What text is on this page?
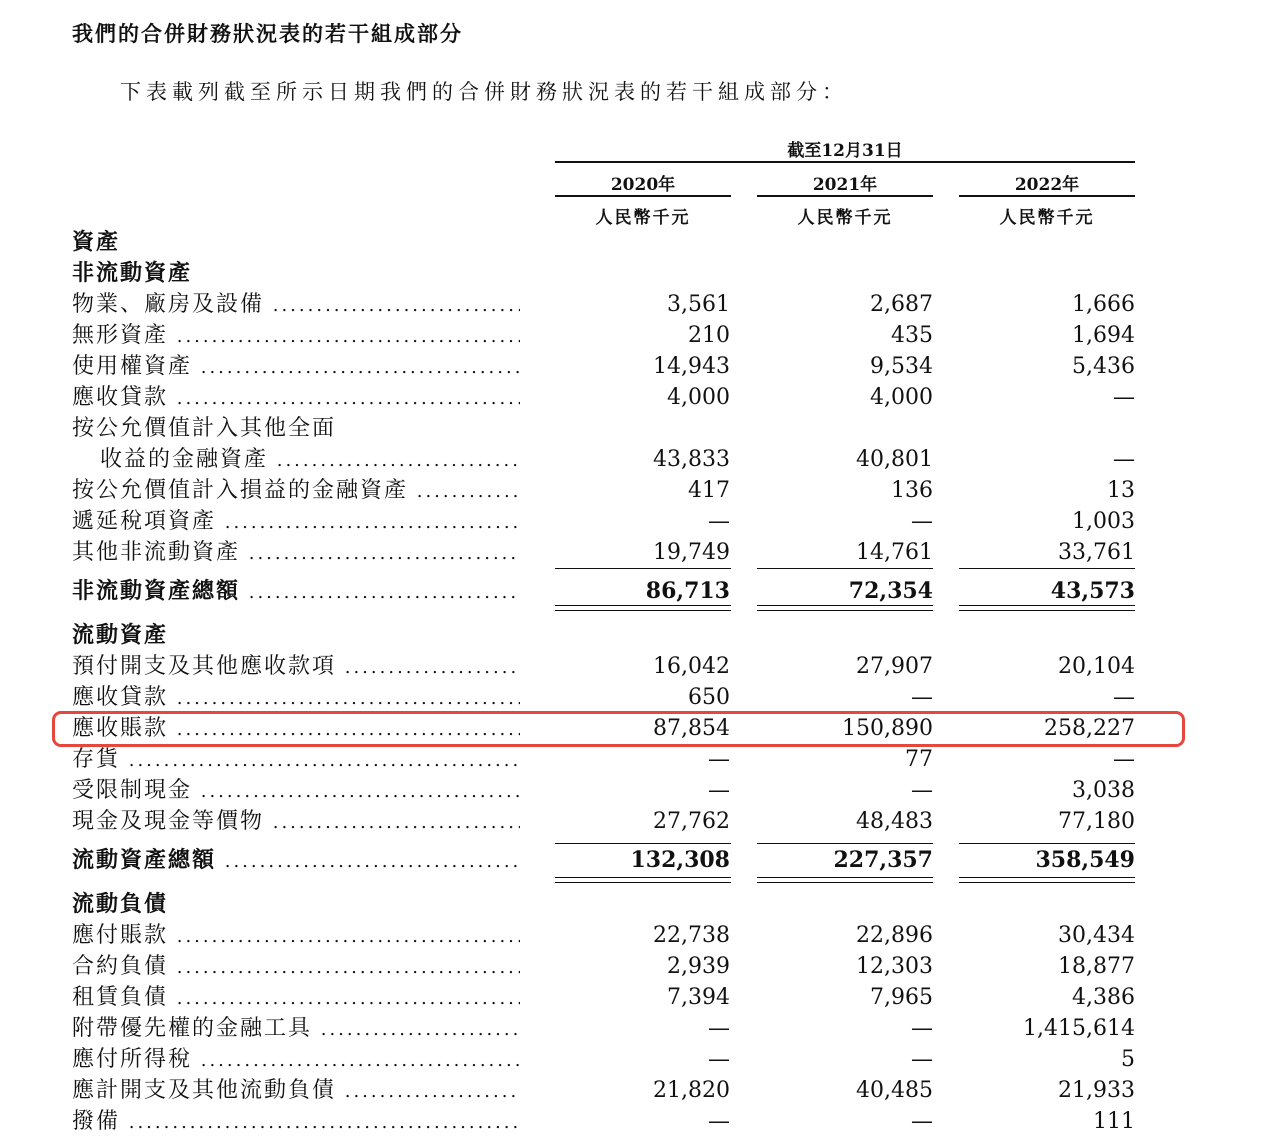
我們的合併財務狀況表的若干組成部分
下表載列截至所示日期我們的合併財務狀況表的若干組成部分：
截至12月31日
2020年	2021年	2022年
人民幣千元	人民幣千元	人民幣千元
資產
非流動資產
物業、廠房及設備 .....	3,561	2,687	1,666
無形資產 .....	210	435	1,694
使用權資產 .....	14,943	9,534	5,436
應收貸款 .....	4,000	4,000	—
按公允價值計入其他全面
收益的金融資產 .....	43,833	40,801	—
按公允價值計入損益的金融資產 .....	417	136	13
遞延稅項資產 .....	—	—	1,003
其他非流動資產 .....	19,749	14,761	33,761
非流動資產總額 .....	86,713	72,354	43,573
流動資產
預付開支及其他應收款項 .....	16,042	27,907	20,104
應收貸款 .....	650	—	—
應收賬款 .....	87,854	150,890	258,227
存貨 .....	—	77	—
受限制現金 .....	—	—	3,038
現金及現金等價物 .....	27,762	48,483	77,180
流動資產總額 .....	132,308	227,357	358,549
流動負債
應付賬款 .....	22,738	22,896	30,434
合約負債 .....	2,939	12,303	18,877
租賃負債 .....	7,394	7,965	4,386
附帶優先權的金融工具 .....	—	—	1,415,614
應付所得稅 .....	—	—	5
應計開支及其他流動負債 .....	21,820	40,485	21,933
撥備 .....	—	—	111
